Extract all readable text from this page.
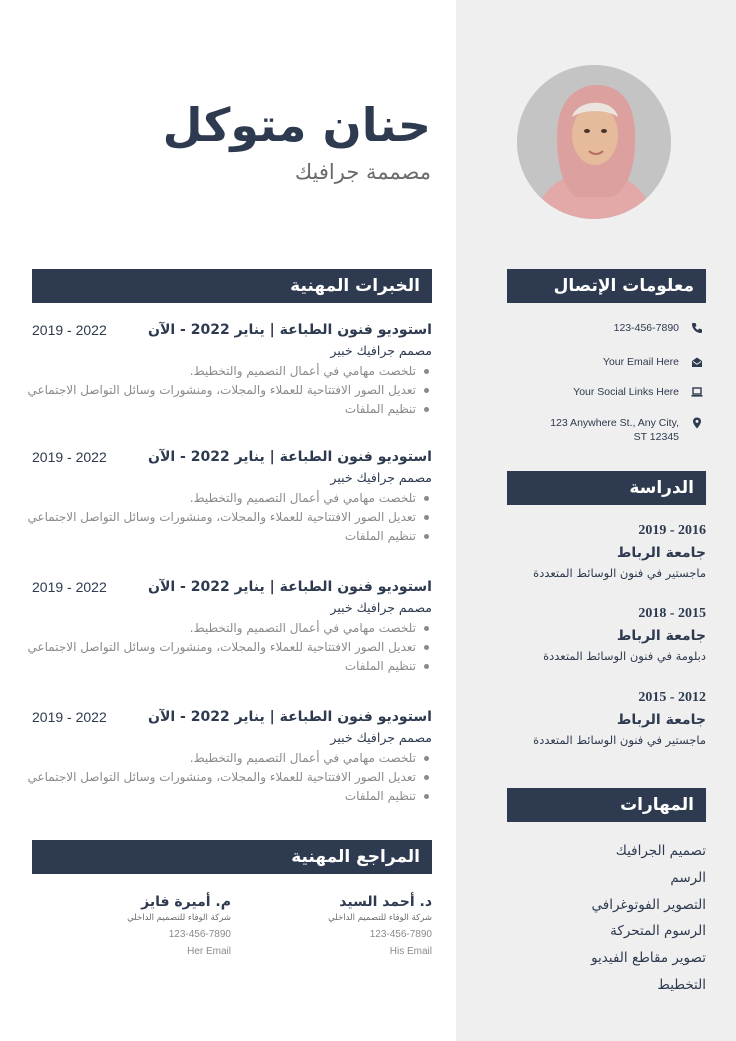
حنان متوكل
مصممة جرافيك
الخبرات المهنية
استوديو فنون الطباعة | يناير 2022 - الآن
2019 - 2022
مصمم جرافيك خبير
تلخصت مهامي في أعمال التصميم والتخطيط.
تعديل الصور الافتتاحية للعملاء والمجلات، ومنشورات وسائل التواصل الاجتماعي
تنظيم الملفات
استوديو فنون الطباعة | يناير 2022 - الآن
2019 - 2022
مصمم جرافيك خبير
تلخصت مهامي في أعمال التصميم والتخطيط.
تعديل الصور الافتتاحية للعملاء والمجلات، ومنشورات وسائل التواصل الاجتماعي
تنظيم الملفات
استوديو فنون الطباعة | يناير 2022 - الآن
2019 - 2022
مصمم جرافيك خبير
تلخصت مهامي في أعمال التصميم والتخطيط.
تعديل الصور الافتتاحية للعملاء والمجلات، ومنشورات وسائل التواصل الاجتماعي
تنظيم الملفات
استوديو فنون الطباعة | يناير 2022 - الآن
2019 - 2022
مصمم جرافيك خبير
تلخصت مهامي في أعمال التصميم والتخطيط.
تعديل الصور الافتتاحية للعملاء والمجلات، ومنشورات وسائل التواصل الاجتماعي
تنظيم الملفات
المراجع المهنية
د. أحمد السيد
شركة الوفاء للتصميم الداخلي
123-456-7890
His Email
م. أميرة فايز
شركة الوفاء للتصميم الداخلي
123-456-7890
Her Email
معلومات الإتصال
123-456-7890
Your Email Here
Your Social Links Here
123 Anywhere St., Any City,
ST 12345
الدراسة
2016 - 2019
جامعة الرباط
ماجستير في فنون الوسائط المتعددة
2015 - 2018
جامعة الرباط
دبلومة في فنون الوسائط المتعددة
2012 - 2015
جامعة الرباط
ماجستير في فنون الوسائط المتعددة
المهارات
تصميم الجرافيك
الرسم
التصوير الفوتوغرافي
الرسوم المتحركة
تصوير مقاطع الفيديو
التخطيط
